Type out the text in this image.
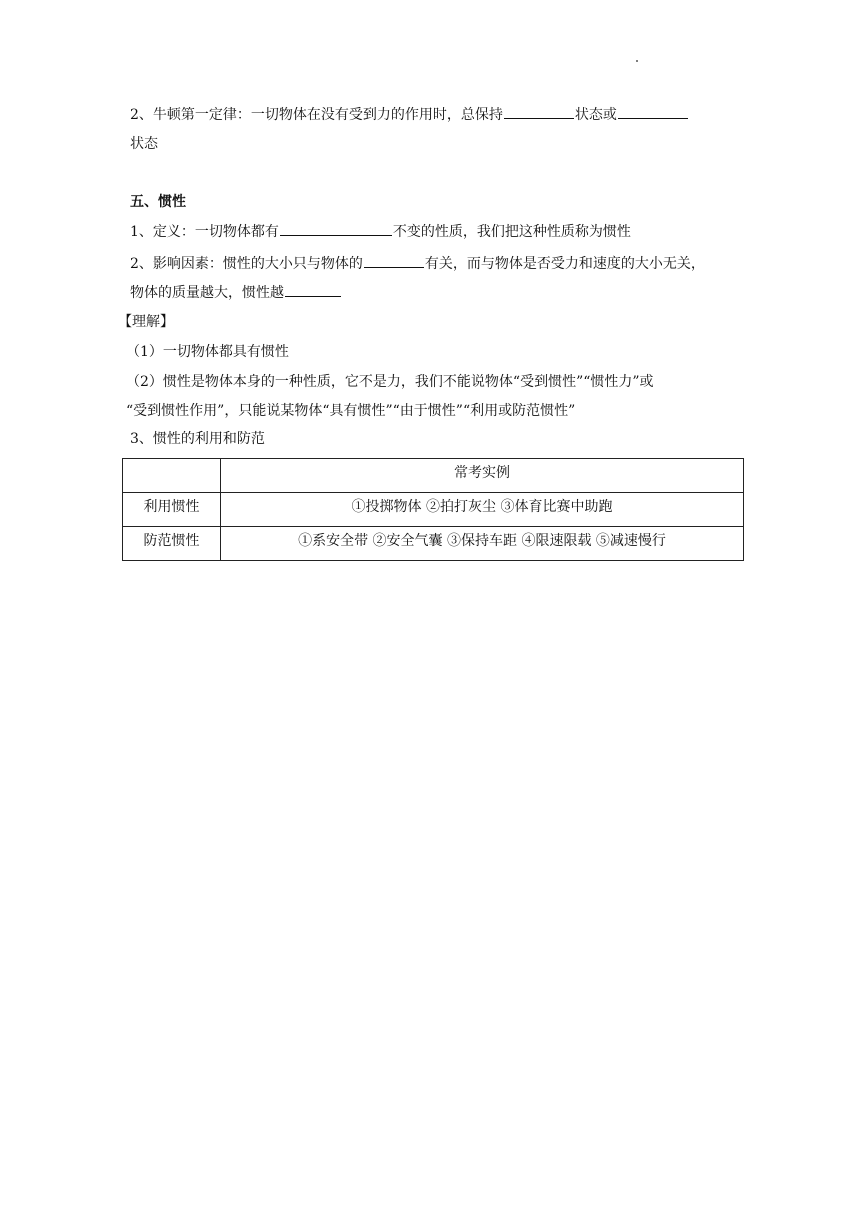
2、牛顿第一定律：一切物体在没有受到力的作用时，总保持	状态或
状态
五、惯性
1、定义：一切物体都有	不变的性质，我们把这种性质称为惯性
2、影响因素：惯性的大小只与物体的	有关，而与物体是否受力和速度的大小无关，
物体的质量越大，惯性越
【理解】
（1）一切物体都具有惯性
（2）惯性是物体本身的一种性质，它不是力，我们不能说物体“受到惯性”“惯性力”或
“受到惯性作用”，只能说某物体“具有惯性”“由于惯性”“利用或防范惯性”
3、惯性的利用和防范
	常考实例
利用惯性	①投掷物体 ②拍打灰尘 ③体育比赛中助跑
防范惯性	①系安全带 ②安全气囊 ③保持车距 ④限速限载 ⑤减速慢行
